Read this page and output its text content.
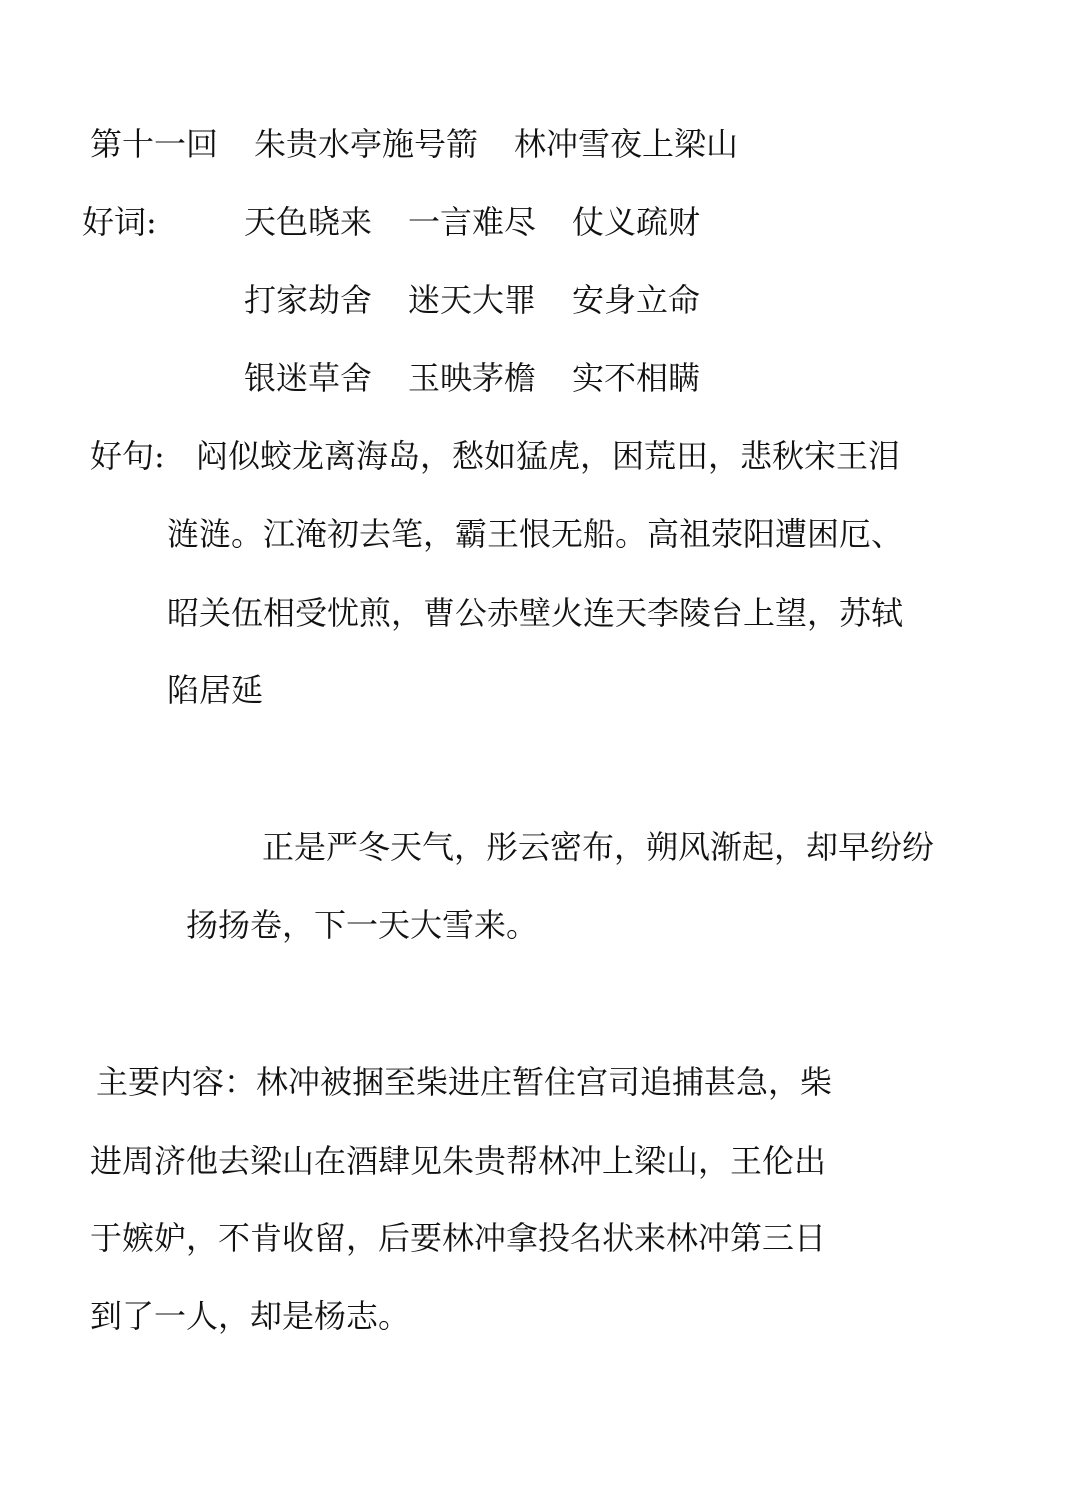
第十一回 朱贵水亭施号箭 林冲雪夜上梁山
好词:	天色晓来 一言难尽 仗义疏财
打家劫舍 迷天大罪 安身立命
银迷草舍 玉映茅檐 实不相瞒
好句: 闷似蛟龙离海岛，愁如猛虎，困荒田，悲秋宋王泪
涟涟。江淹初去笔，霸王恨无船。高祖荥阳遭困厄、
昭关伍相受忧煎，曹公赤壁火连天李陵台上望，苏轼
陷居延
正是严冬天气，彤云密布，朔风渐起，却早纷纷
扬扬卷，下一天大雪来。
主要内容：林冲被捆至柴进庄暂住宫司追捕甚急，柴
进周济他去梁山在酒肆见朱贵帮林冲上梁山，王伦出
于嫉妒，不肯收留，后要林冲拿投名状来林冲第三日
到了一人，却是杨志。
